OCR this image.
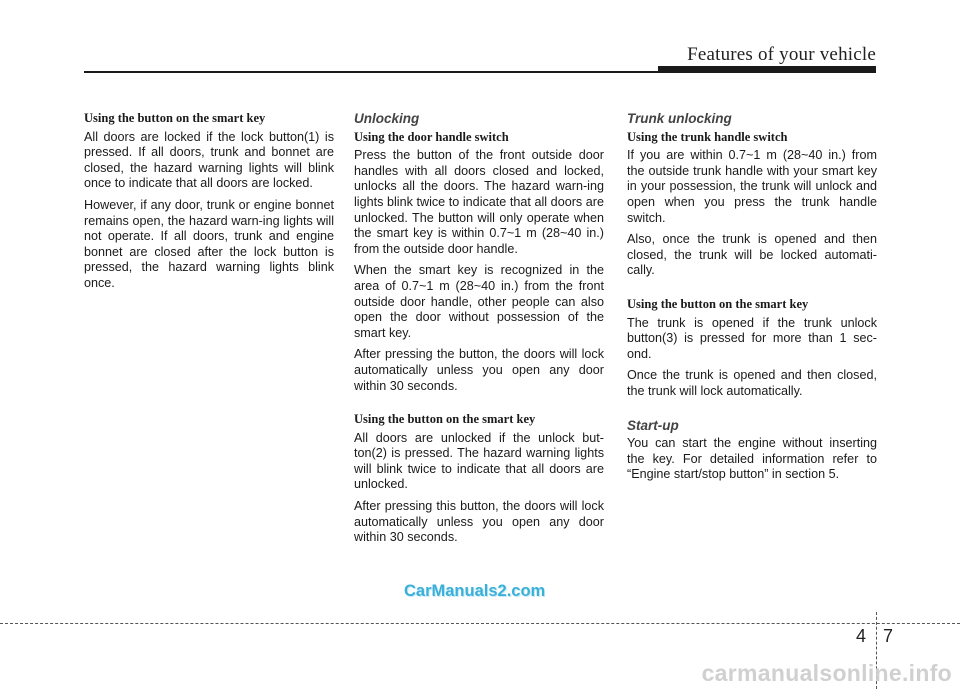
Features of your vehicle
Using the button on the smart key

All doors are locked if the lock button(1) is pressed. If all doors, trunk and bonnet are closed, the hazard warning lights will blink once to indicate that all doors are locked.

However, if any door, trunk or engine bonnet remains open, the hazard warn-ing lights will not operate. If all doors, trunk and engine bonnet are closed after the lock button is pressed, the hazard warning lights blink once.

Unlocking
Using the door handle switch

Press the button of the front outside door handles with all doors closed and locked, unlocks all the doors. The hazard warn-ing lights blink twice to indicate that all doors are unlocked. The button will only operate when the smart key is within 0.7~1 m (28~40 in.) from the outside door handle.

When the smart key is recognized in the area of 0.7~1 m (28~40 in.) from the front outside door handle, other people can also open the door without possession of the smart key.

After pressing the button, the doors will lock automatically unless you open any door within 30 seconds.

Using the button on the smart key

All doors are unlocked if the unlock but-ton(2) is pressed. The hazard warning lights will blink twice to indicate that all doors are unlocked.

After pressing this button, the doors will lock automatically unless you open any door within 30 seconds.

Trunk unlocking
Using the trunk handle switch

If you are within 0.7~1 m (28~40 in.) from the outside trunk handle with your smart key in your possession, the trunk will unlock and open when you press the trunk handle switch.

Also, once the trunk is opened and then closed, the trunk will be locked automati-cally.

Using the button on the smart key

The trunk is opened if the trunk unlock button(3) is pressed for more than 1 sec-ond.

Once the trunk is opened and then closed, the trunk will lock automatically.

Start-up

You can start the engine without inserting the key. For detailed information refer to “Engine start/stop button” in section 5.

CarManuals2.com
4 7
carmanualsonline.info
